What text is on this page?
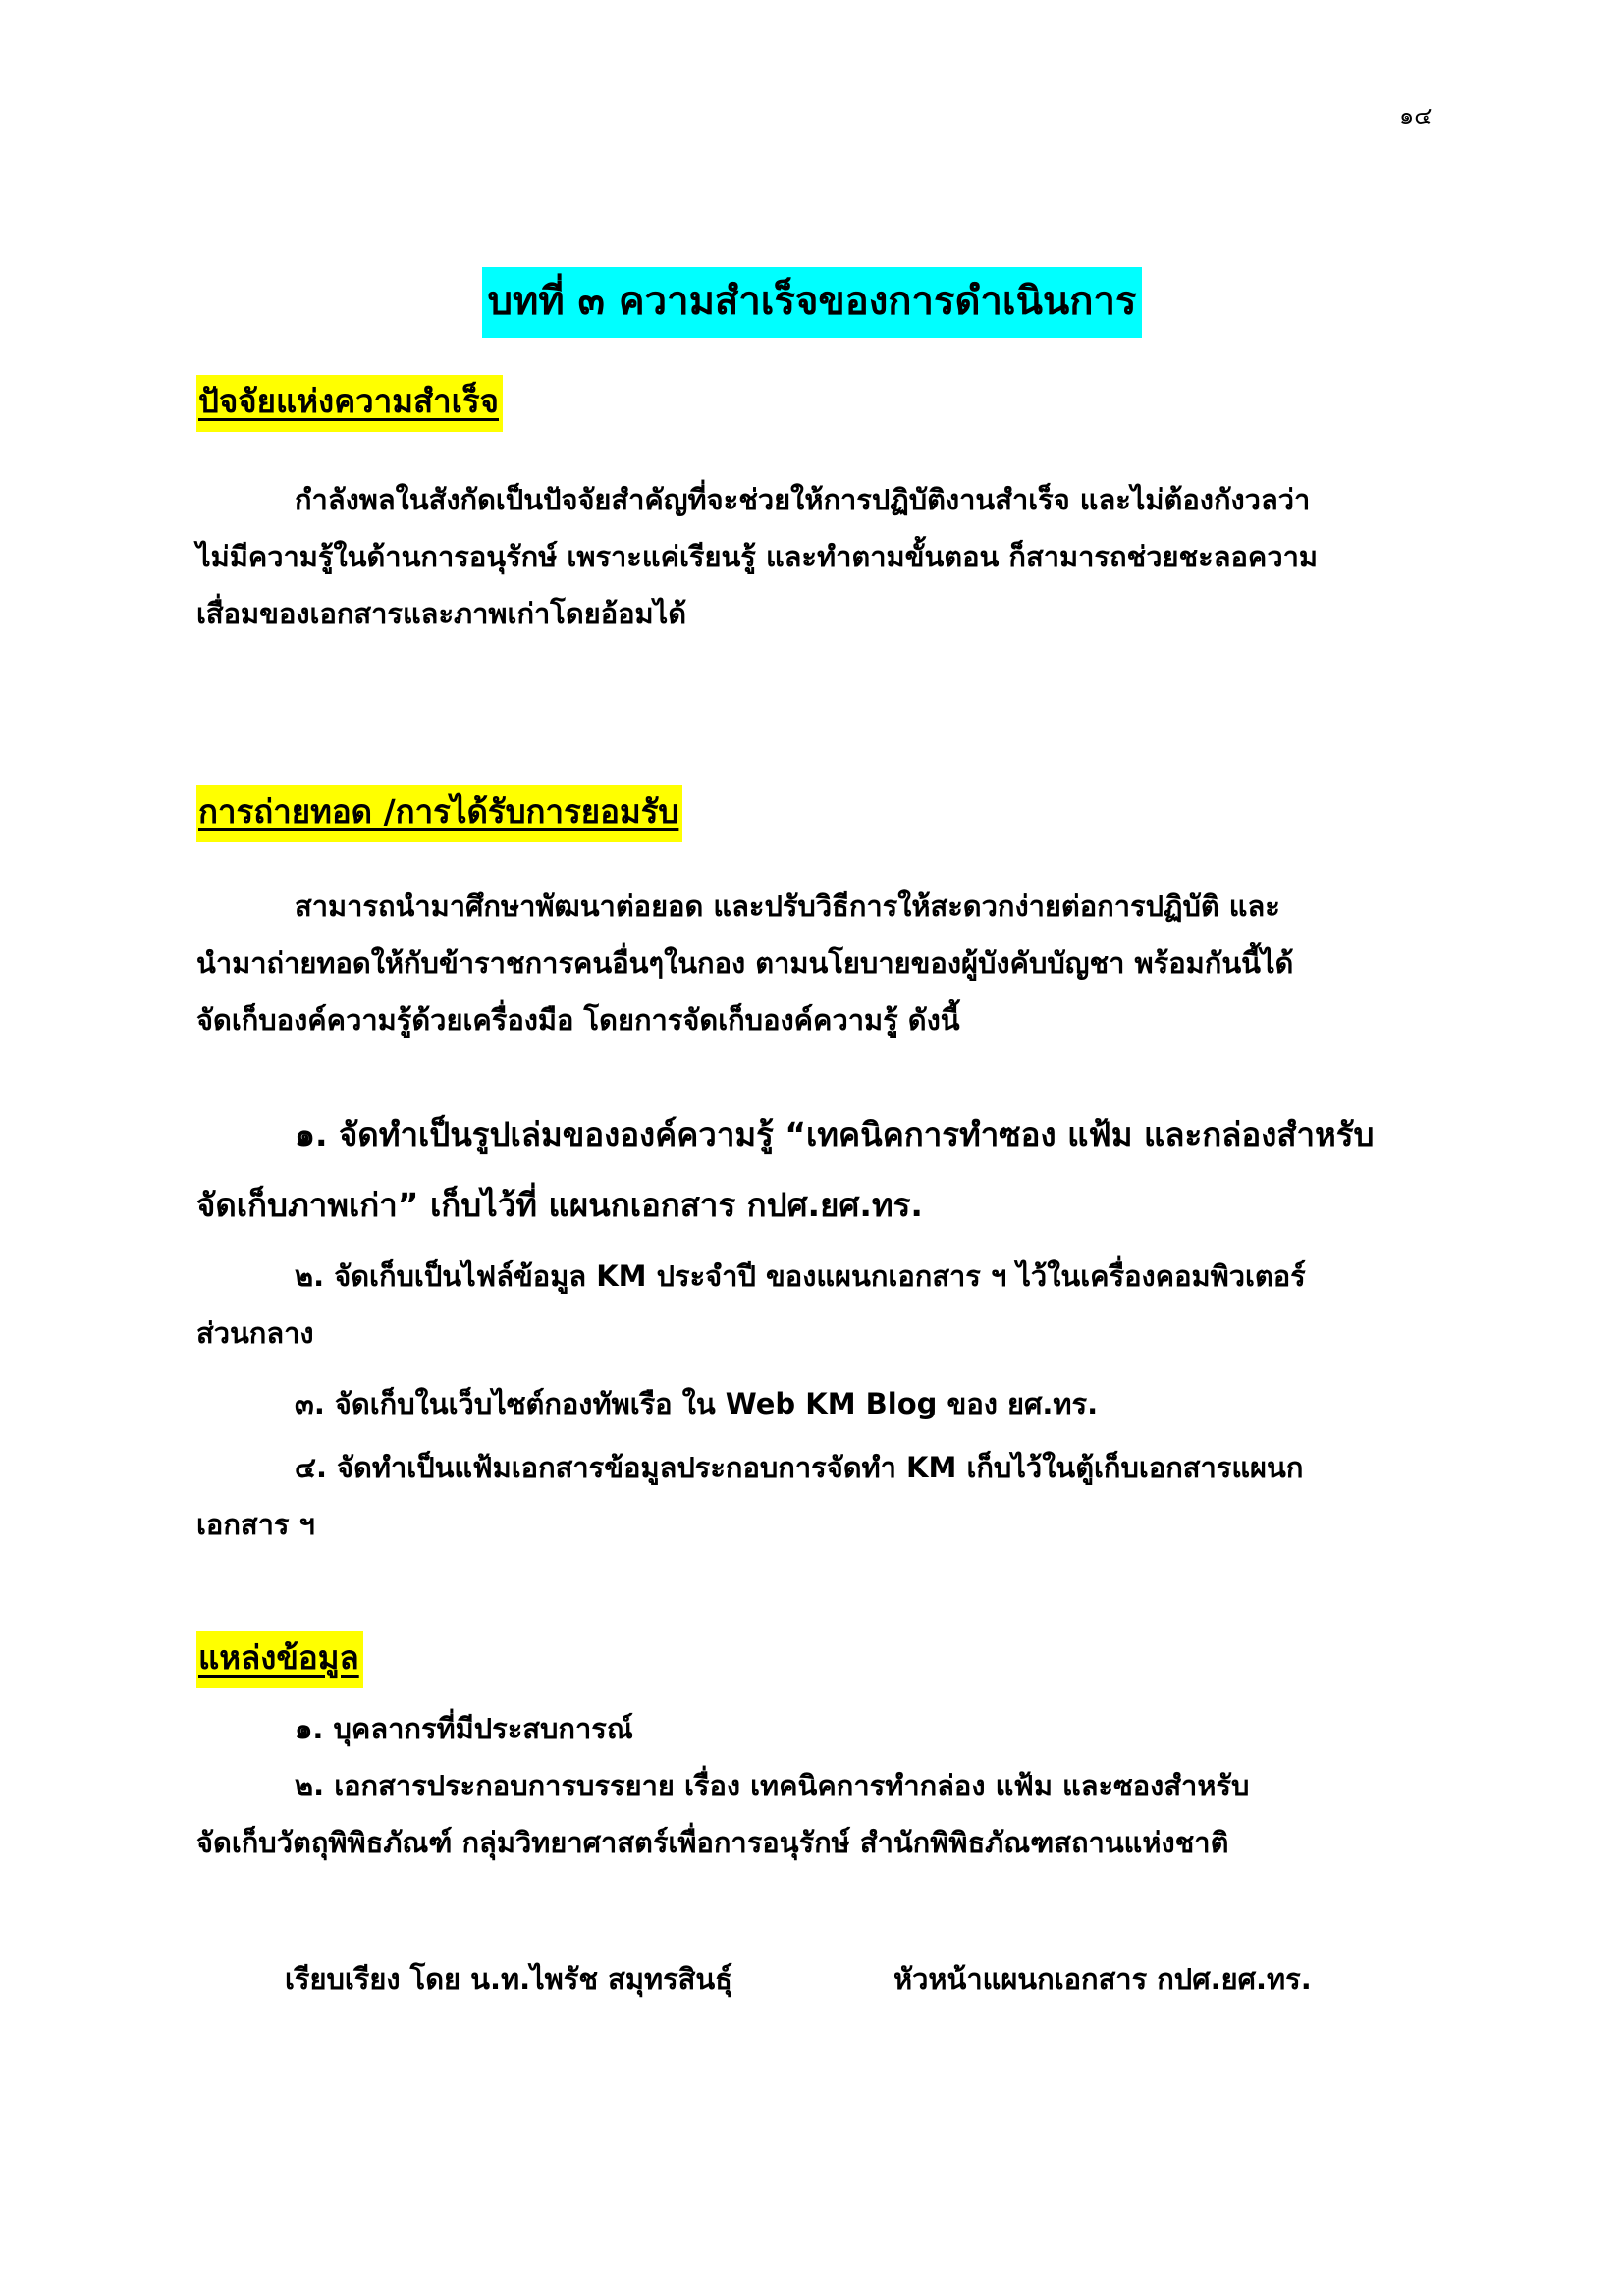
๑๔
บทที่ ๓ ความสำเร็จของการดำเนินการ
ปัจจัยแห่งความสำเร็จ
กำลังพลในสังกัดเป็นปัจจัยสำคัญที่จะช่วยให้การปฏิบัติงานสำเร็จ และไม่ต้องกังวลว่า
ไม่มีความรู้ในด้านการอนุรักษ์ เพราะแค่เรียนรู้ และทำตามขั้นตอน ก็สามารถช่วยชะลอความ
เสื่อมของเอกสารและภาพเก่าโดยอ้อมได้
การถ่ายทอด /การได้รับการยอมรับ
สามารถนำมาศึกษาพัฒนาต่อยอด และปรับวิธีการให้สะดวกง่ายต่อการปฏิบัติ และ
นำมาถ่ายทอดให้กับข้าราชการคนอื่นๆในกอง ตามนโยบายของผู้บังคับบัญชา พร้อมกันนี้ได้
จัดเก็บองค์ความรู้ด้วยเครื่องมือ โดยการจัดเก็บองค์ความรู้ ดังนี้
๑. จัดทำเป็นรูปเล่มขององค์ความรู้ “เทคนิคการทำซอง แฟ้ม และกล่องสำหรับ
จัดเก็บภาพเก่า” เก็บไว้ที่ แผนกเอกสาร กปศ.ยศ.ทร.
๒. จัดเก็บเป็นไฟล์ข้อมูล KM ประจำปี ของแผนกเอกสาร ฯ ไว้ในเครื่องคอมพิวเตอร์
ส่วนกลาง
๓. จัดเก็บในเว็บไซต์กองทัพเรือ ใน Web KM Blog ของ ยศ.ทร.
๔. จัดทำเป็นแฟ้มเอกสารข้อมูลประกอบการจัดทำ KM เก็บไว้ในตู้เก็บเอกสารแผนก
เอกสาร ฯ
แหล่งข้อมูล
๑. บุคลากรที่มีประสบการณ์
๒. เอกสารประกอบการบรรยาย เรื่อง เทคนิคการทำกล่อง แฟ้ม และซองสำหรับ
จัดเก็บวัตถุพิพิธภัณฑ์ กลุ่มวิทยาศาสตร์เพื่อการอนุรักษ์ สำนักพิพิธภัณฑสถานแห่งชาติ
เรียบเรียง โดย น.ท.ไพรัช สมุทรสินธุ์	หัวหน้าแผนกเอกสาร กปศ.ยศ.ทร.
